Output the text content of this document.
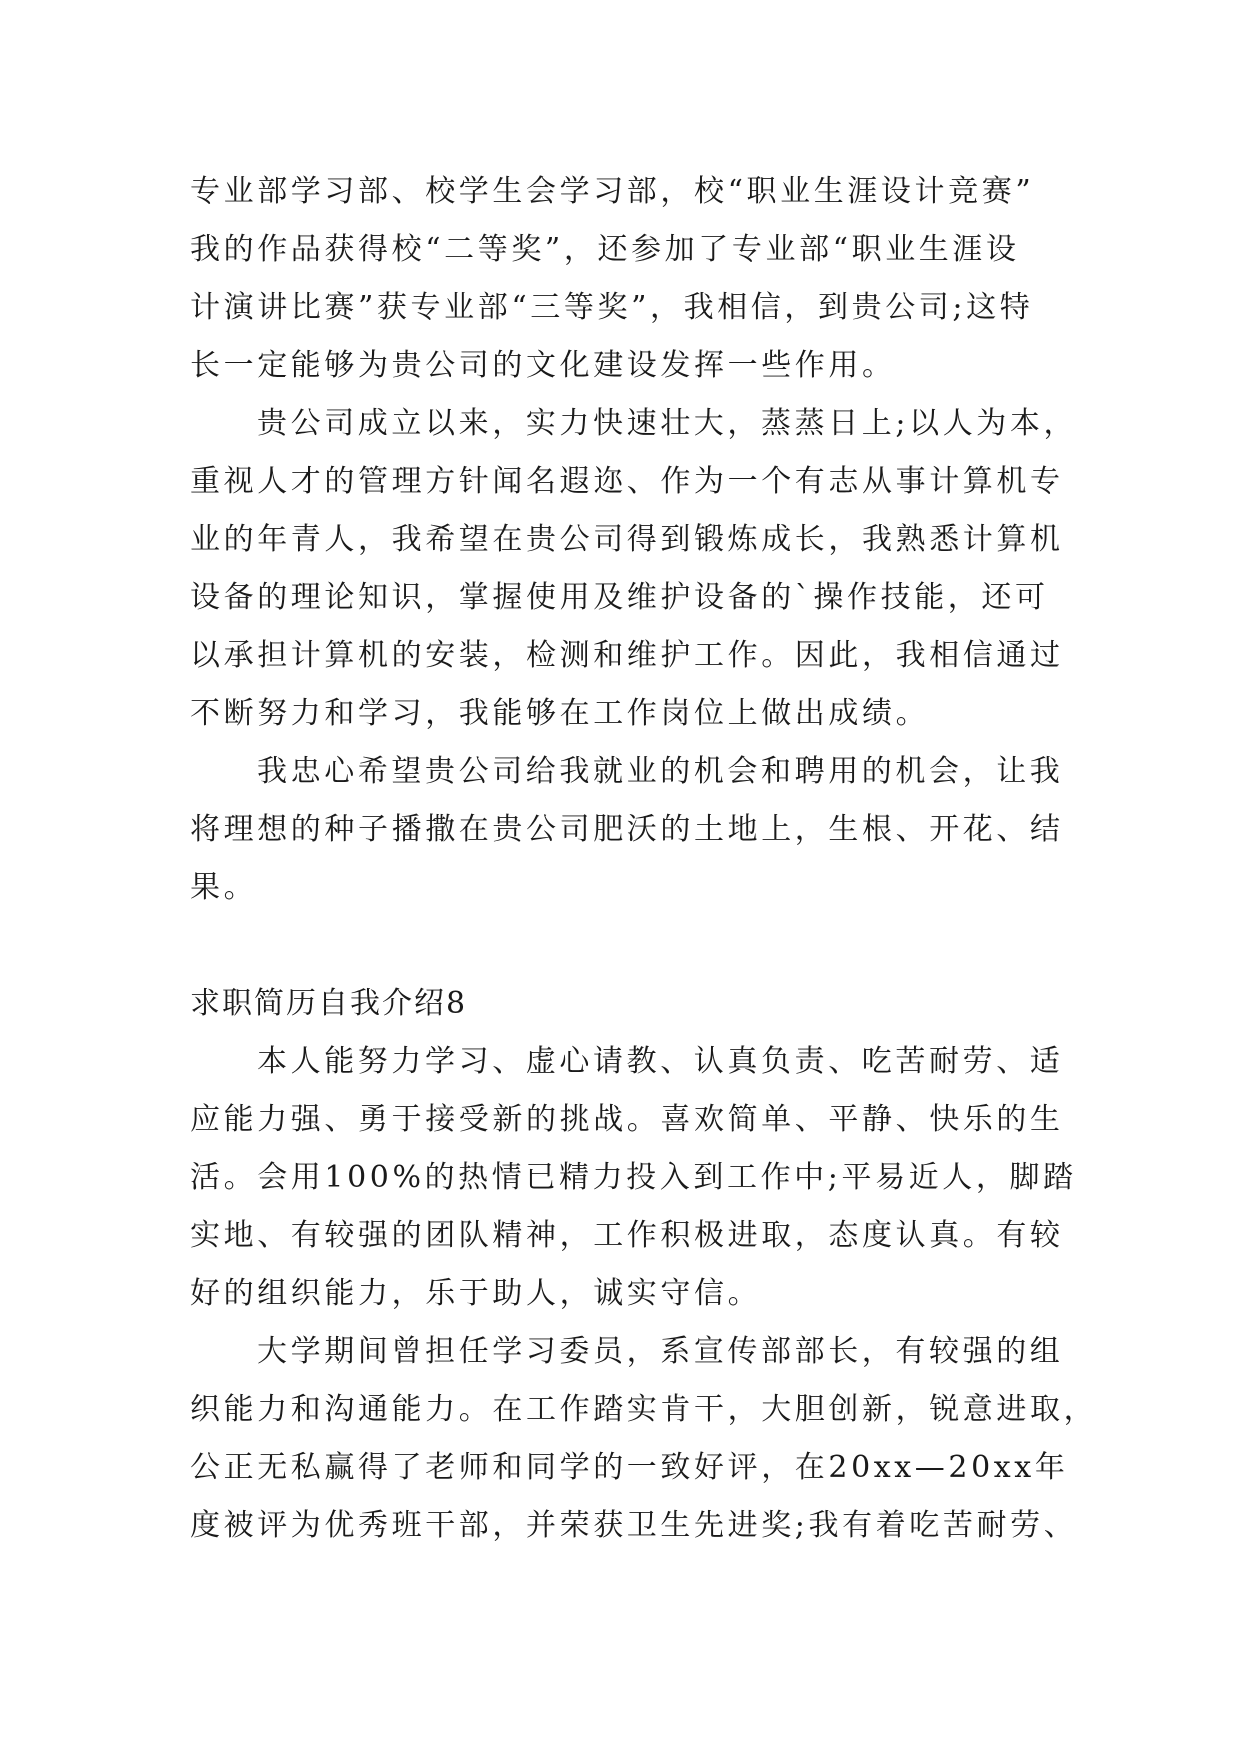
专业部学习部、校学生会学习部，校“职业生涯设计竞赛”
我的作品获得校“二等奖”，还参加了专业部“职业生涯设
计演讲比赛”获专业部“三等奖”，我相信，到贵公司;这特
长一定能够为贵公司的文化建设发挥一些作用。
贵公司成立以来，实力快速壮大，蒸蒸日上;以人为本，
重视人才的管理方针闻名遐迩、作为一个有志从事计算机专
业的年青人，我希望在贵公司得到锻炼成长，我熟悉计算机
设备的理论知识，掌握使用及维护设备的`操作技能，还可
以承担计算机的安装，检测和维护工作。因此，我相信通过
不断努力和学习，我能够在工作岗位上做出成绩。
我忠心希望贵公司给我就业的机会和聘用的机会，让我
将理想的种子播撒在贵公司肥沃的土地上，生根、开花、结
果。
求职简历自我介绍8
本人能努力学习、虚心请教、认真负责、吃苦耐劳、适
应能力强、勇于接受新的挑战。喜欢简单、平静、快乐的生
活。会用100%的热情已精力投入到工作中;平易近人，脚踏
实地、有较强的团队精神，工作积极进取，态度认真。有较
好的组织能力，乐于助人，诚实守信。
大学期间曾担任学习委员，系宣传部部长，有较强的组
织能力和沟通能力。在工作踏实肯干，大胆创新，锐意进取，
公正无私赢得了老师和同学的一致好评，在20xx—20xx年
度被评为优秀班干部，并荣获卫生先进奖;我有着吃苦耐劳、
